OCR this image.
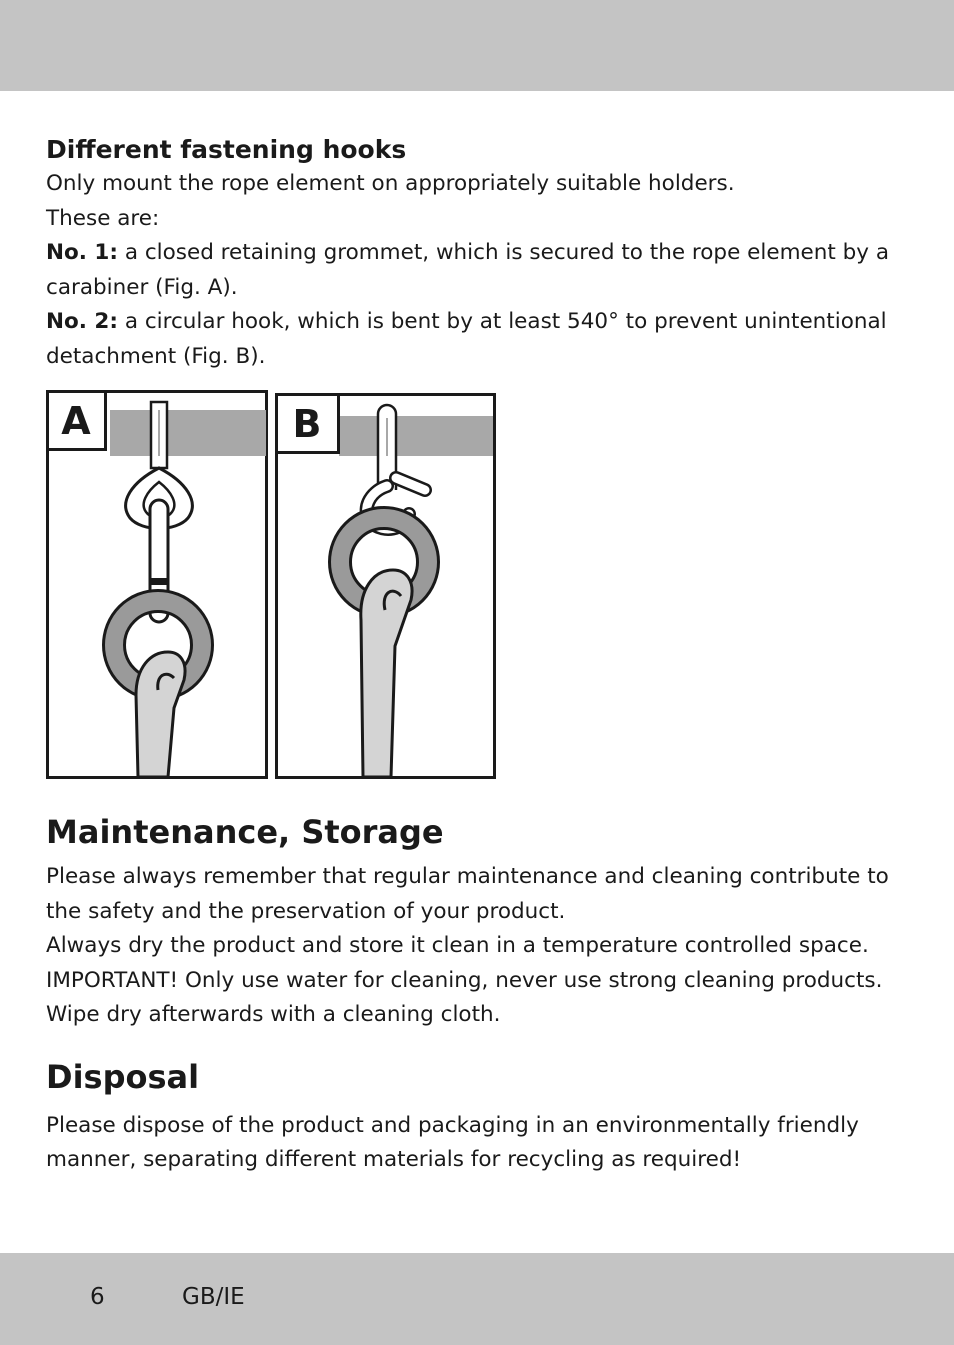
Different fastening hooks

Only mount the rope element on appropriately suitable holders.
These are:

No. 1: a closed retaining grommet, which is secured to the rope element by a carabiner (Fig. A).

No. 2: a circular hook, which is bent by at least 540° to prevent unintentional detachment (Fig. B).

A	B
Maintenance, Storage

Please always remember that regular maintenance and cleaning contribute to the safety and the preservation of your product.

Always dry the product and store it clean in a temperature controlled space.

IMPORTANT! Only use water for cleaning, never use strong cleaning products. Wipe dry afterwards with a cleaning cloth.

Disposal

Please dispose of the product and packaging in an environmentally friendly manner, separating different materials for recycling as required!

6	GB/IE
